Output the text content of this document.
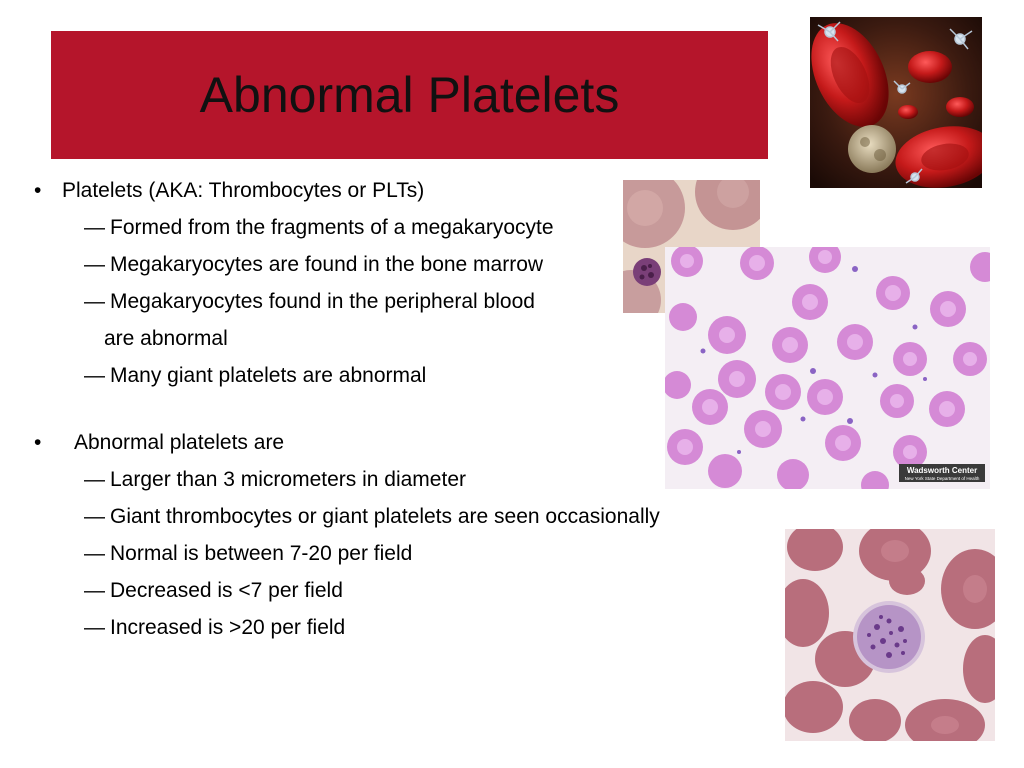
Abnormal Platelets
• Platelets (AKA: Thrombocytes or PLTs)
— Formed from the fragments of a megakaryocyte
— Megakaryocytes are found in the bone marrow
— Megakaryocytes found in the peripheral blood
are abnormal
— Many giant platelets are abnormal
• Abnormal platelets are
— Larger than 3 micrometers in diameter
— Giant thrombocytes or giant platelets are seen occasionally
— Normal is between 7-20 per field
— Decreased is <7 per field
— Increased is >20 per field
Wadsworth Center
New York State Department of Health
